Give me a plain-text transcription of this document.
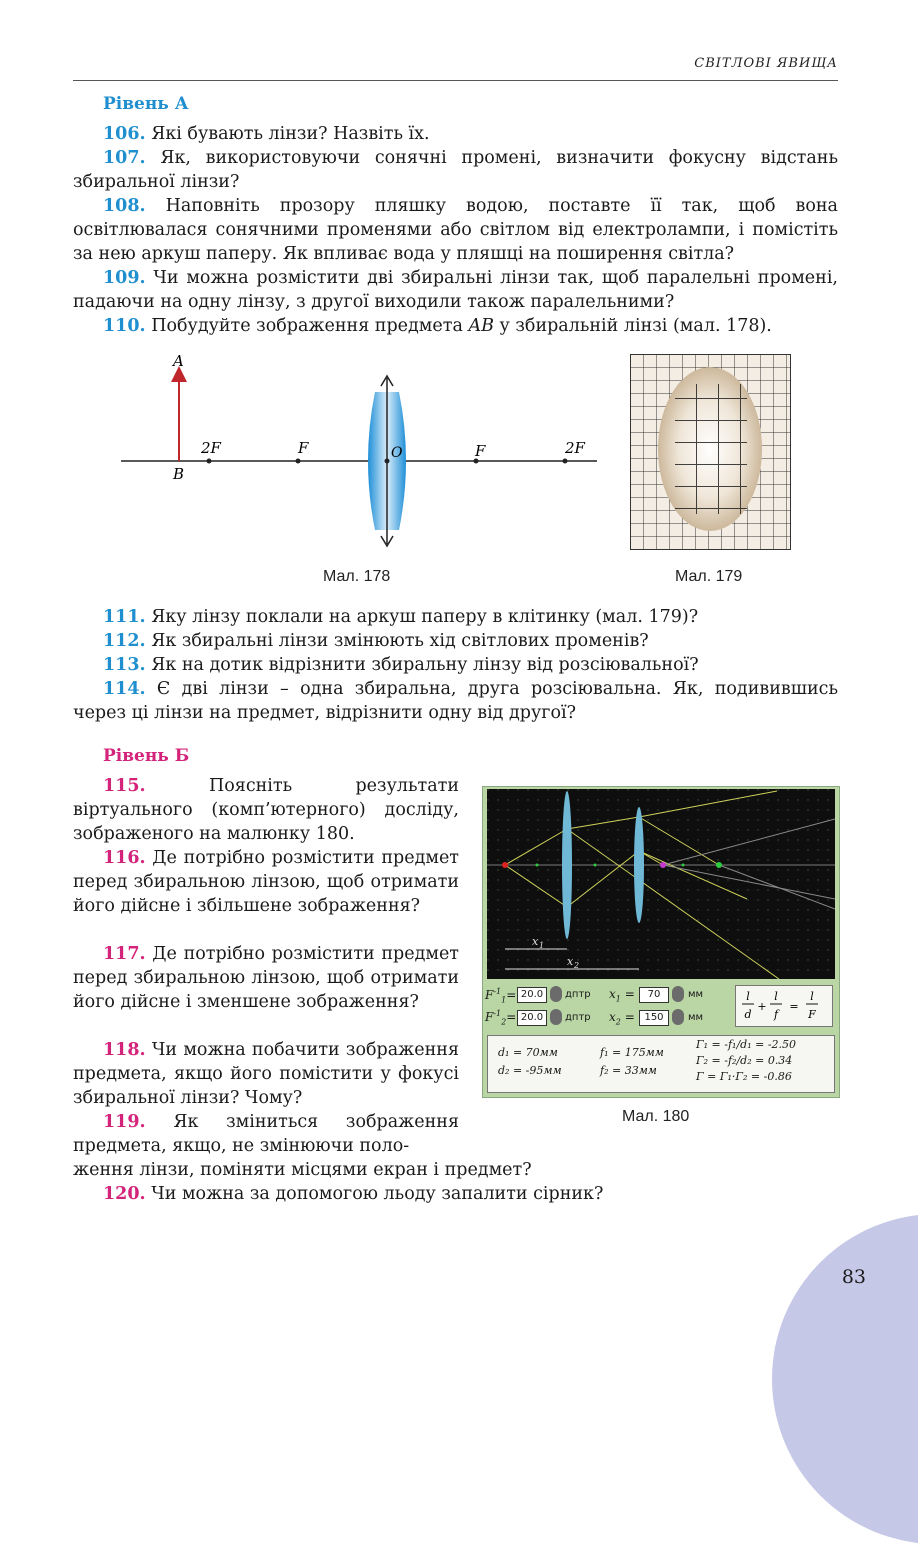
83
СВІТЛОВІ ЯВИЩА
Рівень А
106. Які бувають лінзи? Назвіть їх.
107. Як, використовуючи сонячні промені, визначити фокусну відстань збиральної лінзи?
108. Наповніть прозору пляшку водою, поставте її так, щоб вона освітлювалася сонячними променями або світлом від електролампи, і помістіть за нею аркуш паперу. Як впливає вода у пляшці на поширення світла?
109. Чи можна розмістити дві збиральні лінзи так, щоб паралельні промені, падаючи на одну лінзу, з другої виходили також паралельними?
110. Побудуйте зображення предмета AB у збиральній лінзі (мал. 178).
A
B
2F	F	O	F	2F
Мал. 178	Мал. 179
111. Яку лінзу поклали на аркуш паперу в клітинку (мал. 179)?
112. Як збиральні лінзи змінюють хід світлових променів?
113. Як на дотик відрізнити збиральну лінзу від розсіювальної?
114. Є дві лінзи – одна збиральна, друга розсіювальна. Як, подивившись через ці лінзи на предмет, відрізнити одну від другої?
Рівень Б
115. Поясніть результати віртуального (комп’ютерного) досліду, зображеного на малюнку 180.
116. Де потрібно розмістити предмет перед збиральною лінзою, щоб отримати його дійсне і збільшене зображення?
117. Де потрібно розмістити предмет перед збиральною лінзою, щоб отримати його дійсне і зменшене зображення?
118. Чи можна побачити зображення предмета, якщо його помістити у фокусі збиральної лінзи? Чому?
119. Як зміниться зображення предмета, якщо, не змінюючи поло-
ження лінзи, поміняти місцями екран і предмет?
120. Чи можна за допомогою льоду запалити сірник?
x 1
x 2
$F^{-1}_1= 20.0$	дптр $x_1$ =	70	мм
$F^{-1}_2= 20.0$	дптр $x_2 = 150$	мм
l
d
+
l
f
=
l
F
d₁ = 70мм
d₂ = -95мм
f₁ = 175мм
f₂ = 33мм
Γ₁ = -f₁/d₁ = -2.50
Γ₂ = -f₂/d₂ = 0.34
Γ = Γ₁·Γ₂ = -0.86
Мал. 180
